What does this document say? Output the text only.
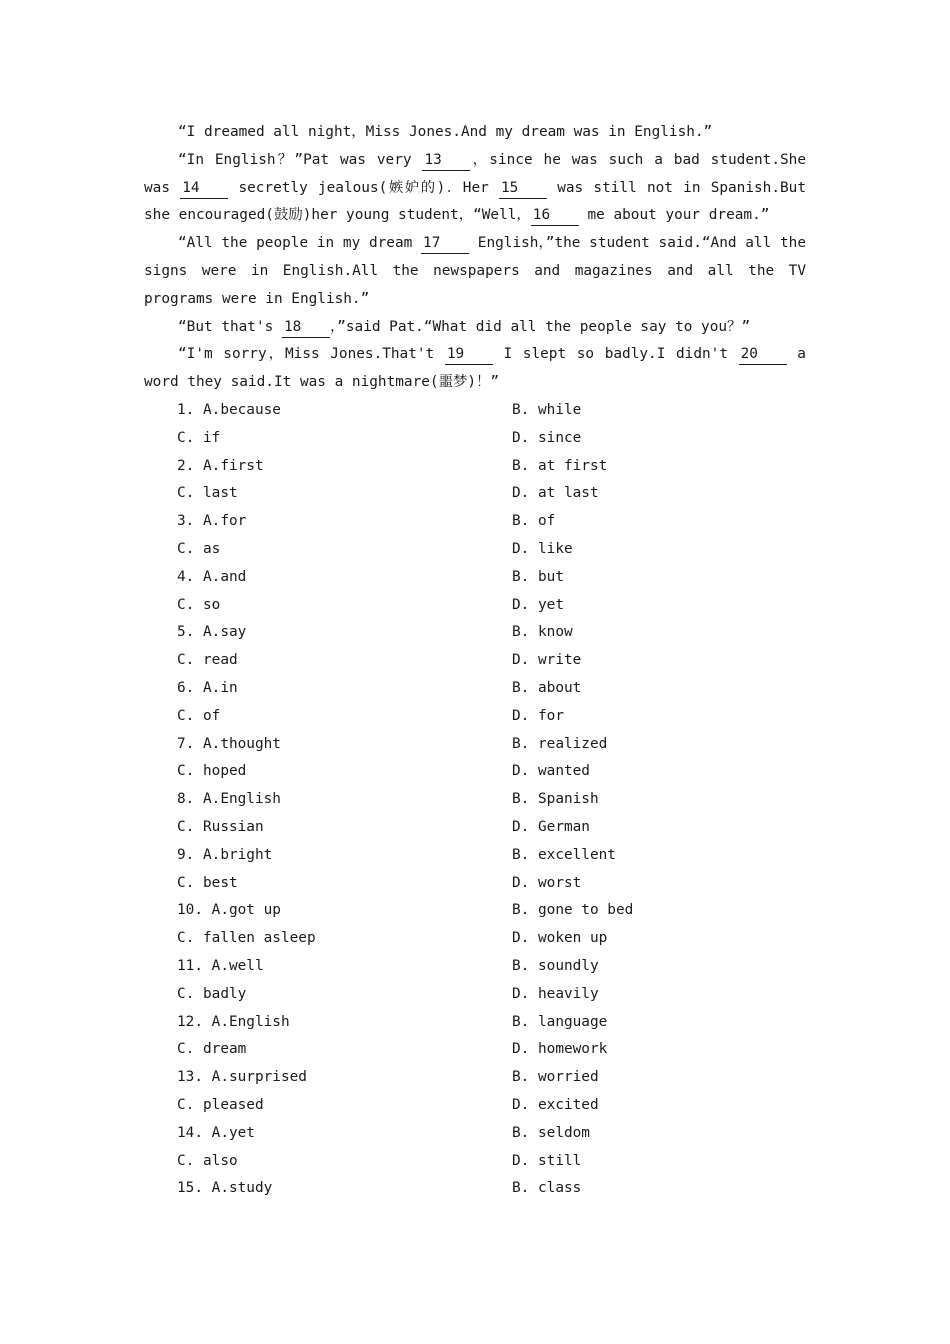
“I dreamed all night，Miss Jones.And my dream was in English.”
“In English？”Pat was very 13 ，since he was such a bad student.She was 14	secretly jealous(嫉妒的)．Her 15	was still not in Spanish.But she encouraged(鼓励)her young student，“Well， 16	me about your dream.”
“All the people in my dream 17	English，”the student said.“And all the signs were in English.All the newspapers and magazines and all the TV programs were in English.”
“But that's 18 ，”said Pat.“What did all the people say to you？”
“I'm sorry，Miss Jones.That't 19	I slept so badly.I didn't 20	a word they said.It was a nightmare(噩梦)！”
1. A.because	B. while
C. if	D. since
2. A.first	B. at first
C. last	D. at last
3. A.for	B. of
C. as	D. like
4. A.and	B. but
C. so	D. yet
5. A.say	B. know
C. read	D. write
6. A.in	B. about
C. of	D. for
7. A.thought	B. realized
C. hoped	D. wanted
8. A.English	B. Spanish
C. Russian	D. German
9. A.bright	B. excellent
C. best	D. worst
10. A.got up	B. gone to bed
C. fallen asleep	D. woken up
11. A.well	B. soundly
C. badly	D. heavily
12. A.English	B. language
C. dream	D. homework
13. A.surprised	B. worried
C. pleased	D. excited
14. A.yet	B. seldom
C. also	D. still
15. A.study	B. class
